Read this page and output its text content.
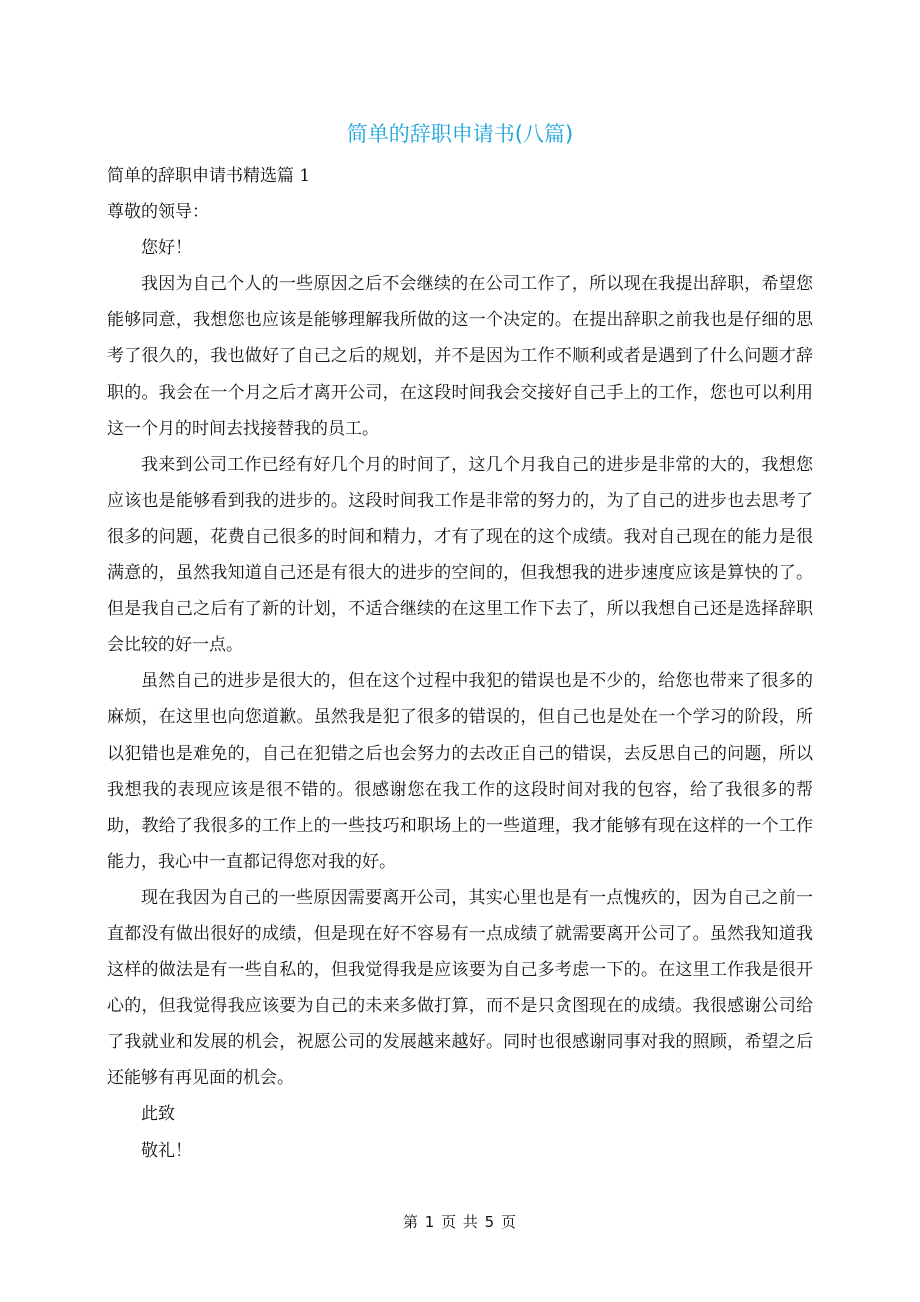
简单的辞职申请书(八篇)

简单的辞职申请书精选篇 1

尊敬的领导：

您好！

我因为自己个人的一些原因之后不会继续的在公司工作了，所以现在我提出辞职，希望您能够同意，我想您也应该是能够理解我所做的这一个决定的。在提出辞职之前我也是仔细的思考了很久的，我也做好了自己之后的规划，并不是因为工作不顺利或者是遇到了什么问题才辞职的。我会在一个月之后才离开公司，在这段时间我会交接好自己手上的工作，您也可以利用这一个月的时间去找接替我的员工。

我来到公司工作已经有好几个月的时间了，这几个月我自己的进步是非常的大的，我想您应该也是能够看到我的进步的。这段时间我工作是非常的努力的，为了自己的进步也去思考了很多的问题，花费自己很多的时间和精力，才有了现在的这个成绩。我对自己现在的能力是很满意的，虽然我知道自己还是有很大的进步的空间的，但我想我的进步速度应该是算快的了。但是我自己之后有了新的计划，不适合继续的在这里工作下去了，所以我想自己还是选择辞职会比较的好一点。

虽然自己的进步是很大的，但在这个过程中我犯的错误也是不少的，给您也带来了很多的麻烦，在这里也向您道歉。虽然我是犯了很多的错误的，但自己也是处在一个学习的阶段，所以犯错也是难免的，自己在犯错之后也会努力的去改正自己的错误，去反思自己的问题，所以我想我的表现应该是很不错的。很感谢您在我工作的这段时间对我的包容，给了我很多的帮助，教给了我很多的工作上的一些技巧和职场上的一些道理，我才能够有现在这样的一个工作能力，我心中一直都记得您对我的好。

现在我因为自己的一些原因需要离开公司，其实心里也是有一点愧疚的，因为自己之前一直都没有做出很好的成绩，但是现在好不容易有一点成绩了就需要离开公司了。虽然我知道我这样的做法是有一些自私的，但我觉得我是应该要为自己多考虑一下的。在这里工作我是很开心的，但我觉得我应该要为自己的未来多做打算，而不是只贪图现在的成绩。我很感谢公司给了我就业和发展的机会，祝愿公司的发展越来越好。同时也很感谢同事对我的照顾，希望之后还能够有再见面的机会。

此致

敬礼！

第 1 页 共 5 页
